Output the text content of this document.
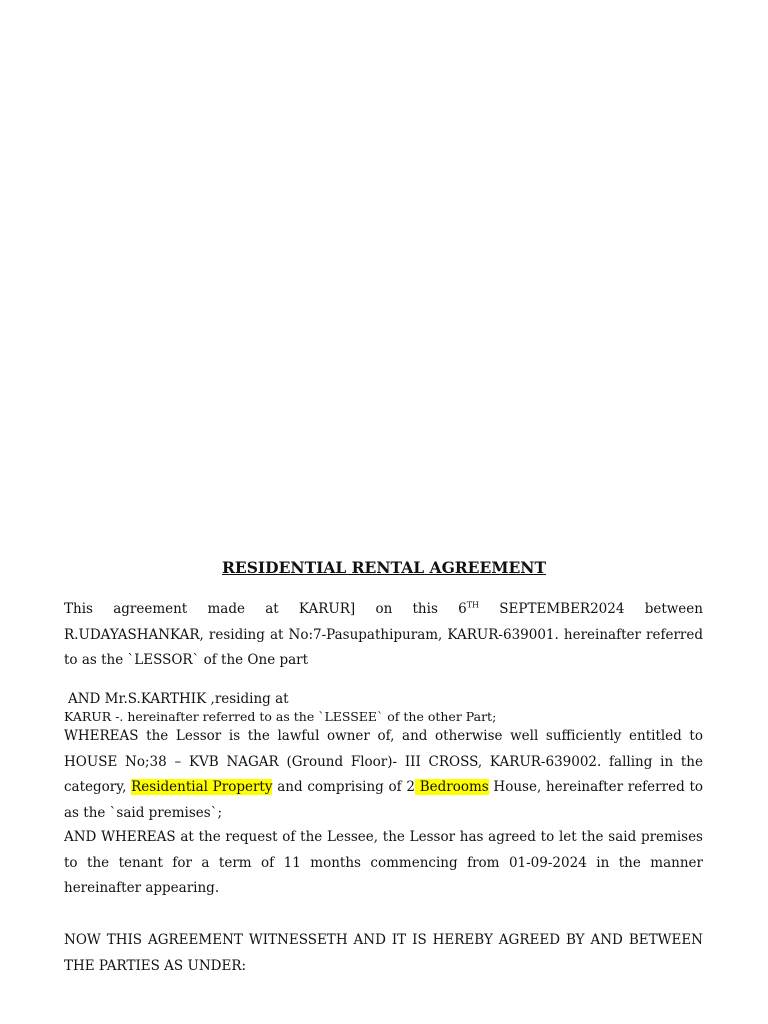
RESIDENTIAL RENTAL AGREEMENT
This agreement made at KARUR] on this 6TH SEPTEMBER2024 between R.UDAYASHANKAR, residing at No:7-Pasupathipuram, KARUR-639001. hereinafter referred to as the `LESSOR` of the One part
AND Mr.S.KARTHIK ,residing at
KARUR -. hereinafter referred to as the `LESSEE` of the other Part;
WHEREAS the Lessor is the lawful owner of, and otherwise well sufficiently entitled to HOUSE No;38 – KVB NAGAR (Ground Floor)- III CROSS, KARUR-639002. falling in the category, Residential Property and comprising of 2 Bedrooms House, hereinafter referred to as the `said premises`;
AND WHEREAS at the request of the Lessee, the Lessor has agreed to let the said premises to the tenant for a term of 11 months commencing from 01-09-2024 in the manner hereinafter appearing.
NOW THIS AGREEMENT WITNESSETH AND IT IS HEREBY AGREED BY AND BETWEEN THE PARTIES AS UNDER:
